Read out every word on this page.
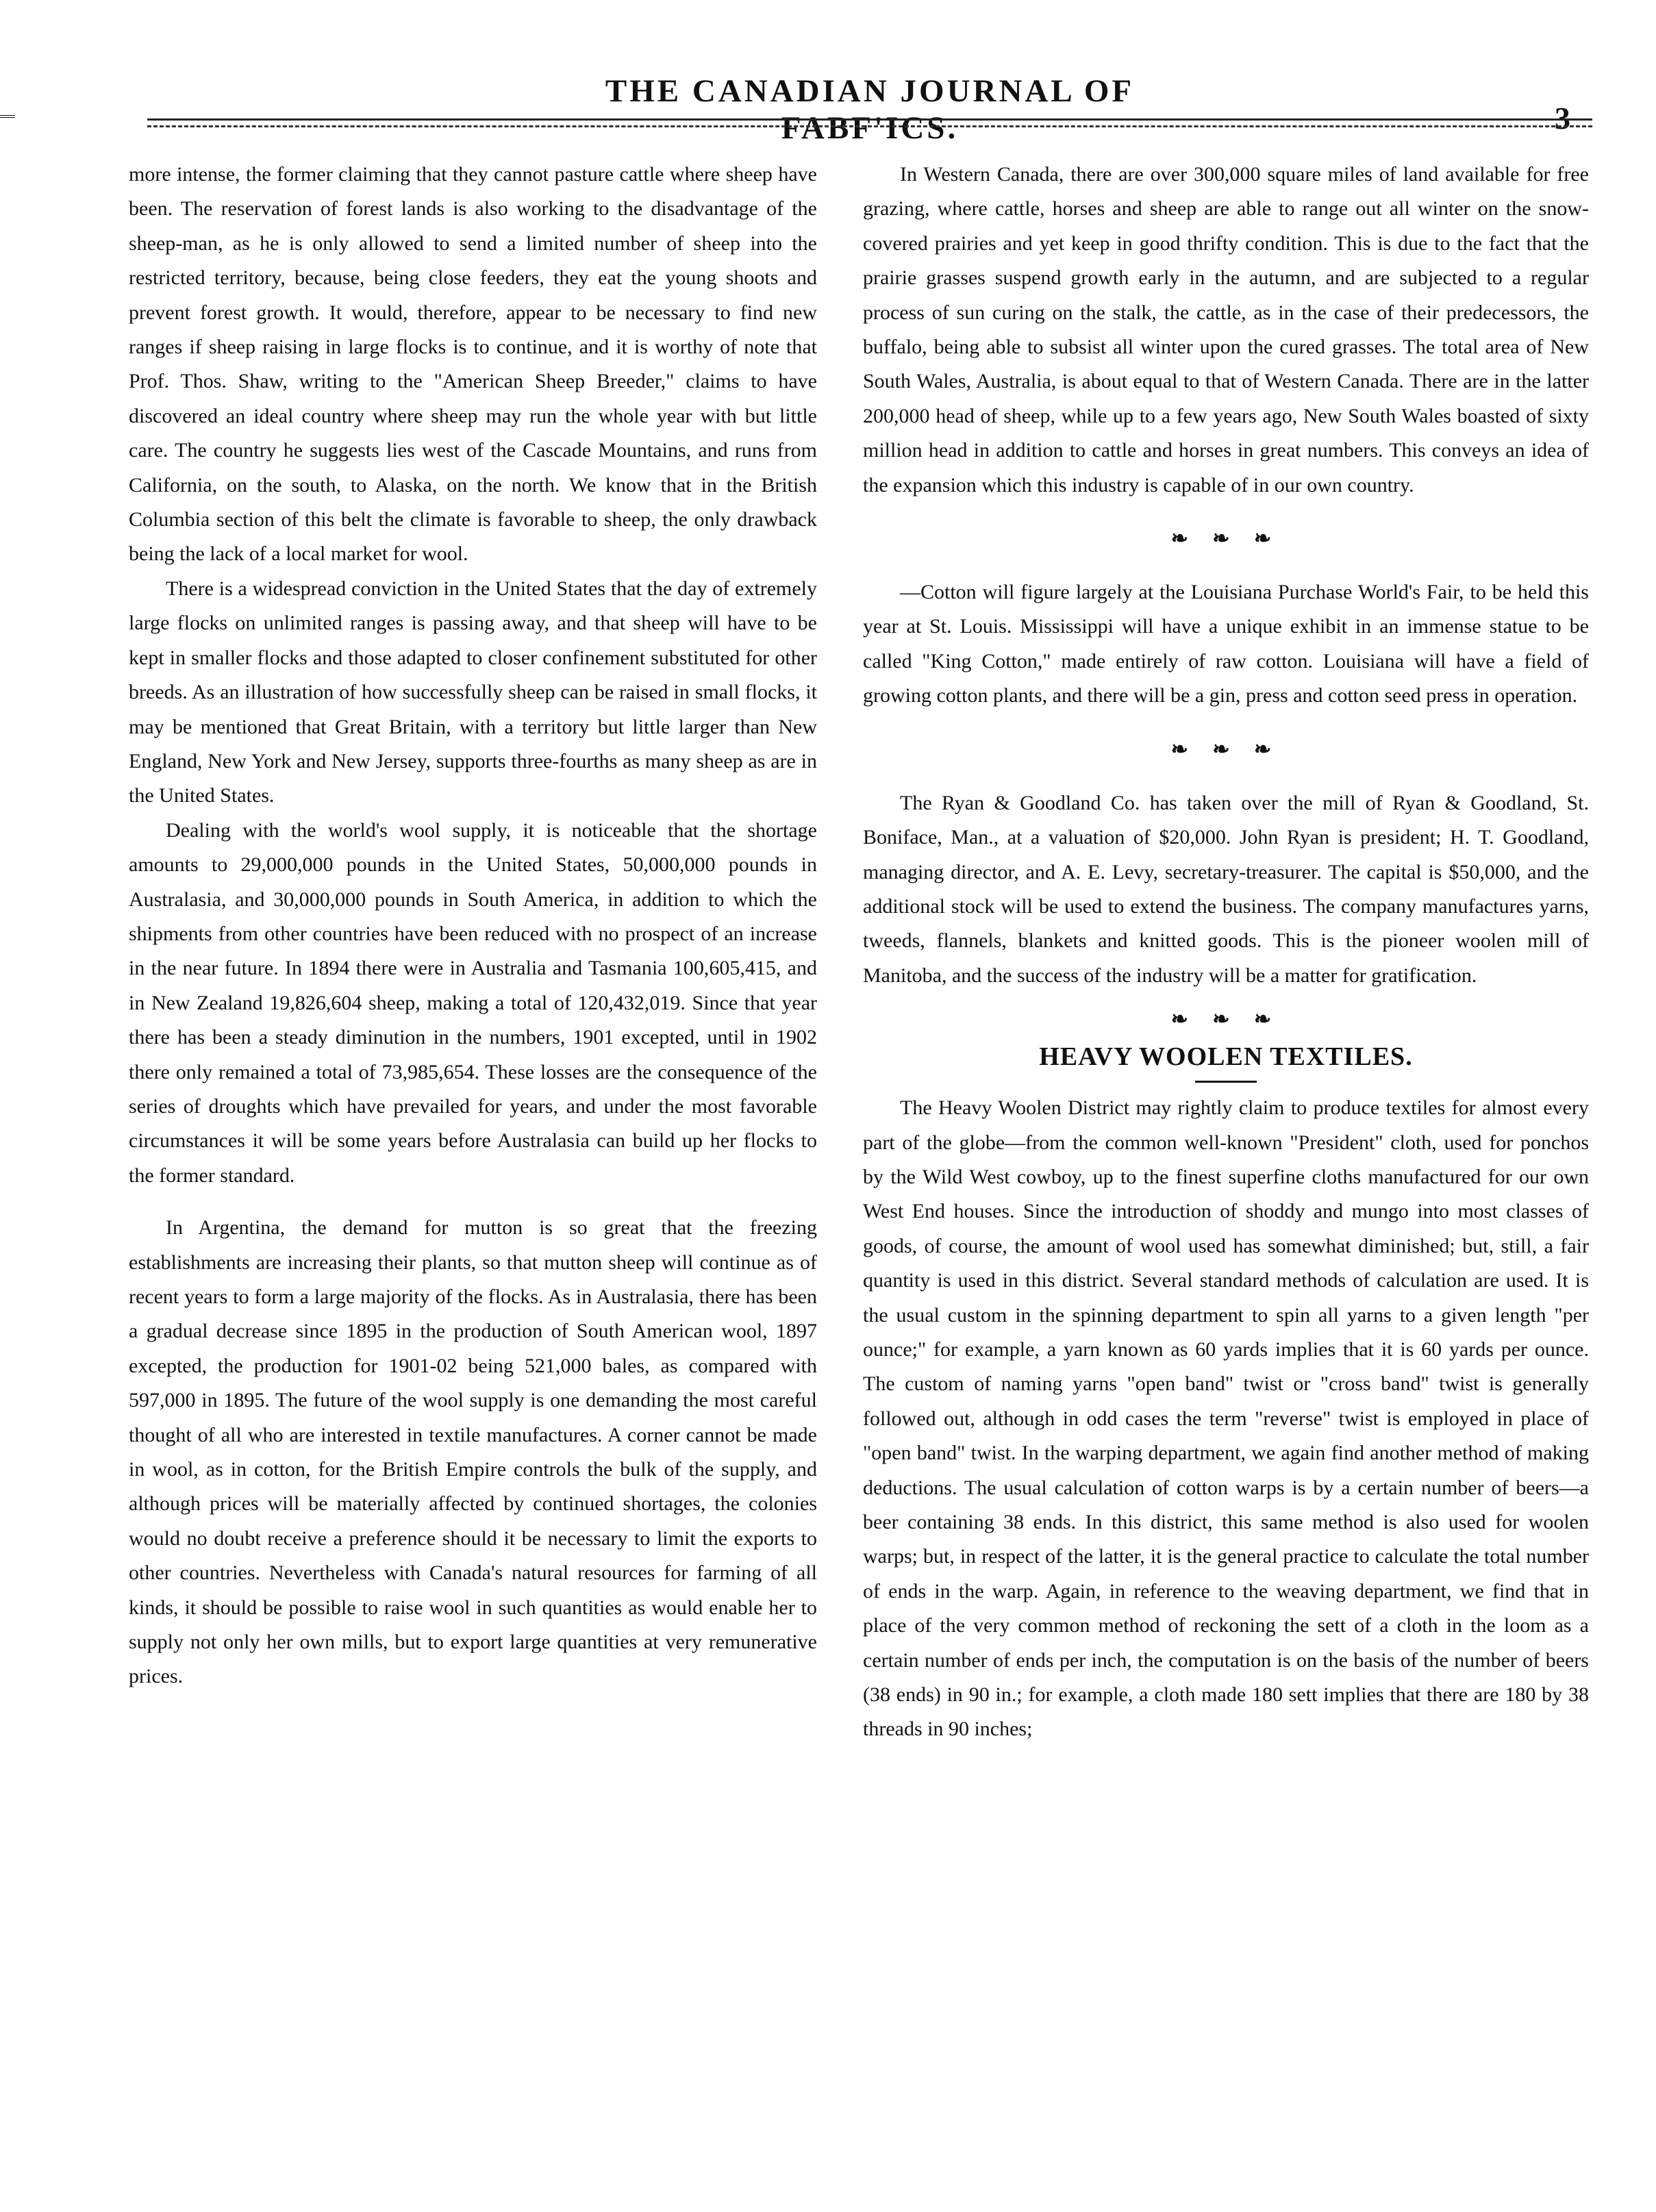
THE CANADIAN JOURNAL OF FABF'ICS.	3

more intense, the former claiming that they cannot pasture cattle where sheep have been. The reservation of forest lands is also working to the disadvantage of the sheep-man, as he is only allowed to send a limited number of sheep into the restricted territory, because, being close feeders, they eat the young shoots and prevent forest growth. It would, therefore, appear to be necessary to find new ranges if sheep raising in large flocks is to continue, and it is worthy of note that Prof. Thos. Shaw, writing to the "American Sheep Breeder," claims to have discovered an ideal country where sheep may run the whole year with but little care. The country he suggests lies west of the Cascade Mountains, and runs from California, on the south, to Alaska, on the north. We know that in the British Columbia section of this belt the climate is favorable to sheep, the only drawback being the lack of a local market for wool.

There is a widespread conviction in the United States that the day of extremely large flocks on unlimited ranges is passing away, and that sheep will have to be kept in smaller flocks and those adapted to closer confinement substituted for other breeds. As an illustration of how successfully sheep can be raised in small flocks, it may be mentioned that Great Britain, with a territory but little larger than New England, New York and New Jersey, supports three-fourths as many sheep as are in the United States.

Dealing with the world's wool supply, it is noticeable that the shortage amounts to 29,000,000 pounds in the United States, 50,000,000 pounds in Australasia, and 30,000,000 pounds in South America, in addition to which the shipments from other countries have been reduced with no prospect of an increase in the near future. In 1894 there were in Australia and Tasmania 100,605,415, and in New Zealand 19,826,604 sheep, making a total of 120,432,019. Since that year there has been a steady diminution in the numbers, 1901 excepted, until in 1902 there only remained a total of 73,985,654. These losses are the consequence of the series of droughts which have prevailed for years, and under the most favorable circumstances it will be some years before Australasia can build up her flocks to the former standard.

In Argentina, the demand for mutton is so great that the freezing establishments are increasing their plants, so that mutton sheep will continue as of recent years to form a large majority of the flocks. As in Australasia, there has been a gradual decrease since 1895 in the production of South American wool, 1897 excepted, the production for 1901-02 being 521,000 bales, as compared with 597,000 in 1895. The future of the wool supply is one demanding the most careful thought of all who are interested in textile manufactures. A corner cannot be made in wool, as in cotton, for the British Empire controls the bulk of the supply, and although prices will be materially affected by continued shortages, the colonies would no doubt receive a preference should it be necessary to limit the exports to other countries. Nevertheless with Canada's natural resources for farming of all kinds, it should be possible to raise wool in such quantities as would enable her to supply not only her own mills, but to export large quantities at very remunerative prices.

In Western Canada, there are over 300,000 square miles of land available for free grazing, where cattle, horses and sheep are able to range out all winter on the snow-covered prairies and yet keep in good thrifty condition. This is due to the fact that the prairie grasses suspend growth early in the autumn, and are subjected to a regular process of sun curing on the stalk, the cattle, as in the case of their predecessors, the buffalo, being able to subsist all winter upon the cured grasses. The total area of New South Wales, Australia, is about equal to that of Western Canada. There are in the latter 200,000 head of sheep, while up to a few years ago, New South Wales boasted of sixty million head in addition to cattle and horses in great numbers. This conveys an idea of the expansion which this industry is capable of in our own country.

❧ ❧ ❧

—Cotton will figure largely at the Louisiana Purchase World's Fair, to be held this year at St. Louis. Mississippi will have a unique exhibit in an immense statue to be called "King Cotton," made entirely of raw cotton. Louisiana will have a field of growing cotton plants, and there will be a gin, press and cotton seed press in operation.

❧ ❧ ❧

The Ryan & Goodland Co. has taken over the mill of Ryan & Goodland, St. Boniface, Man., at a valuation of $20,000. John Ryan is president; H. T. Goodland, managing director, and A. E. Levy, secretary-treasurer. The capital is $50,000, and the additional stock will be used to extend the business. The company manufactures yarns, tweeds, flannels, blankets and knitted goods. This is the pioneer woolen mill of Manitoba, and the success of the industry will be a matter for gratification.

❧ ❧ ❧
HEAVY WOOLEN TEXTILES.

The Heavy Woolen District may rightly claim to produce textiles for almost every part of the globe—from the common well-known "President" cloth, used for ponchos by the Wild West cowboy, up to the finest superfine cloths manufactured for our own West End houses. Since the introduction of shoddy and mungo into most classes of goods, of course, the amount of wool used has somewhat diminished; but, still, a fair quantity is used in this district. Several standard methods of calculation are used. It is the usual custom in the spinning department to spin all yarns to a given length "per ounce;" for example, a yarn known as 60 yards implies that it is 60 yards per ounce. The custom of naming yarns "open band" twist or "cross band" twist is generally followed out, although in odd cases the term "reverse" twist is employed in place of "open band" twist. In the warping department, we again find another method of making deductions. The usual calculation of cotton warps is by a certain number of beers—a beer containing 38 ends. In this district, this same method is also used for woolen warps; but, in respect of the latter, it is the general practice to calculate the total number of ends in the warp. Again, in reference to the weaving department, we find that in place of the very common method of reckoning the sett of a cloth in the loom as a certain number of ends per inch, the computation is on the basis of the number of beers (38 ends) in 90 in.; for example, a cloth made 180 sett implies that there are 180 by 38 threads in 90 inches;
